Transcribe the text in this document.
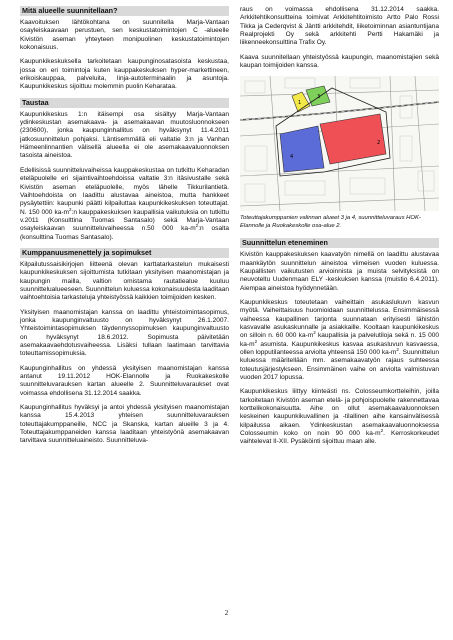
Mitä alueelle suunnitellaan?

Kaavoituksen lähtökohtana on suunnitella Marja-Vantaan osayleiskaavaan perustuen, sen keskustatoimintojen C -alueelle Kivistön aseman yhteyteen monipuolinen keskustatoimintojen kokonaisuus.

Kaupunkikeskuksella tarkoitetaan kaupunginosatasoista keskustaa, jossa on eri toimintoja kuten kauppakeskuksen hyper-markettineen, erikoiskauppaa, palveluita, linja-autoterminaalin ja asuntoja. Kaupunkikeskus sijoittuu molemmin puolin Keharataa.

Taustaa

Kaupunkikeskus 1:n itäisempi osa sisältyy Marja-Vantaan ydinkeskustan asemakaava- ja asemakaavan muutosluonnokseen (230600), jonka kaupunginhallitus on hyväksynyt 11.4.2011 jatkosuunnittelun pohjaksi. Läntisemmällä eli valtatie 3:n ja Vanhan Hämeenlinnantien välisellä alueella ei ole asemakaavaluonnoksen tasoista aineistoa.

Edellisissä suunnitteluvaiheissa kauppakeskustaa on tutkittu Keharadan eteläpuolelle eri sijaintivaihtoehdoissa valtatie 3:n itäsivustalle sekä Kivistön aseman eteläpuolelle, myös lähelle Tikkurilantietä. Vaihtoehdoista on laadittu alustavaa aineistoa, mutta hankkeet pysäytettiin: kaupunki päätti kilpailuttaa kaupunkikeskuksen toteuttajat. N. 150 000 $ka-m^2:n$ kauppakeskuksen kaupallisia vaikutuksia on tutkittu v.2011 (Konsulttina Tuomas Santasalo) sekä Marja-Vantaan osayleiskaavan suunnitteluvaiheessa n.50 000 $ka-m^2:n$ osalta (konsulttina Tuomas Santasalo).

Kumppanuusmenettely ja sopimukset

Kilpailutussaisikirjojen liitteenä olevan karttatarkastelun mukaisesti kaupunkikeskuksen sijoittumista tutkitaan yksityisen maanomistajan ja kaupungin mailla, valtion omistama rautatiealue kuuluu suunnittelualueeseen. Suunnittelun kuluessa kokonaisuudesta laaditaan vaihtoehtoisia tarkasteluja yhteistyössä kaikkien toimijoiden kesken.

Yksityisen maanomistajan kanssa on laadittu yhteistoimintasopimus, jonka kaupunginvaltuusto on hyväksynyt 26.1.2007. Yhteistoimintasopimuksen täydennyssopimuksen kaupunginvaltuusto on hyväksynyt 18.6.2012. Sopimusta päivitetään asemakaavaehdotusvaiheessa. Lisäksi tullaan laatimaan tarvittavia toteuttamissopimuksia.

Kaupunginhallitus on yhdessä yksityisen maanomistajan kanssa antanut 19.11.2012 HOK-Elannolle ja Ruokakeskolle suunnitteluvarauksen kartan alueelle 2. Suunnitteluvaraukset ovat voimassa ehdollisena 31.12.2014 saakka.

Kaupunginhallitus hyväksyi ja antoi yhdessä yksityisen maanomistajan kanssa 15.4.2013 yhteisen suunnitteluvarauksen toteuttajakumppaneille, NCC ja Skanska, kartan alueille 3 ja 4. Toteuttajakumppaneiden kanssa laaditaan yhteistyönä asemakaavan tarvittava suunnitteluaineisto. Suunnitteluva-

raus on voimassa ehdollisena 31.12.2014 saakka. Arkkitehtikonsultteina toimivat Arkkitehtitoimisto Artto Palo Rossi Tikka ja Cederqvist & Jäntti arkkitehdit, liiketoiminnan asiantuntijana Realprojekti Oy sekä arkkitehti Pertti Hakamäki ja liikenneekonsulttina Trafix Oy.

Kaava suunnitellaan yhteistyössä kaupungin, maanomistajien sekä kaupan toimijoiden kanssa.

1
2
3
4
Toteuttajakumppanien valinnan alueet 3 ja 4, suunnitteluvaraus HOK-Elannolle ja Ruokakeskolle osa-alue 2.
Suunnittelun eteneminen

Kivistön kauppakeskuksen kaavatyön nimellä on laadittu alustavaa maankäytön suunnittelun aineistoa viimeisen vuoden kuluessa. Kaupallisten vaikutusten arvioinnista ja muista selvityksistä on neuvoteltu Uudenmaan ELY -keskuksen kanssa (muistio 6.4.2011). Aiempaa aineistoa hyödynnetään.

Kaupunkikeskus toteutetaan vaiheittain asukaslukuvn kasvun myötä. Vaiheittaisuus huomioidaan suunnittelussa. Ensimmäisessä vaiheessa kaupallinen tarjonta suunnataan erityisesti lähistön kasvavalle asukaskunnalle ja asiakkaille. Kooltaan kaupunkikeskus on silloin n. 60 000 $ka-m^2$ kaupallisia ja palvelutiloja sekä n. 15 000 $ka-m^2$ asumista. Kaupunkikeskus kasvaa asukasluvun kasvaessa, ollen lopputilanteessa arviolta yhteensä 150 000 $ka-m^2$. Suunnittelun kuluessa määritellään mm. asemakaavatyön rajaus suhteessa toteutusjärjestykseen. Ensimmäinen vaihe on arviolta valmistuvan vuoden 2017 lopussa.

Kaupunkikeskus liittyy kiinteästi ns. Colosseumkortteleihin, joilla tarkoitetaan Kivistön aseman etelä- ja pohjoispuolelle rakennettavaa korttelikokonaisuutta. Aihe on ollut asemakaavaluonnoksen keskeinen kaupunkikuvallinen ja -tilallinen aihe kansainvälisessä kilpailussa aikaen. Ydinkeskustan asemakaavaluonnoksessa Colosseumin koko on noin 90 000 $ka-m^2$. Kerroskorkeudet vaihtelevat II-XII. Pysäköinti sijoittuu maan alle.

2
